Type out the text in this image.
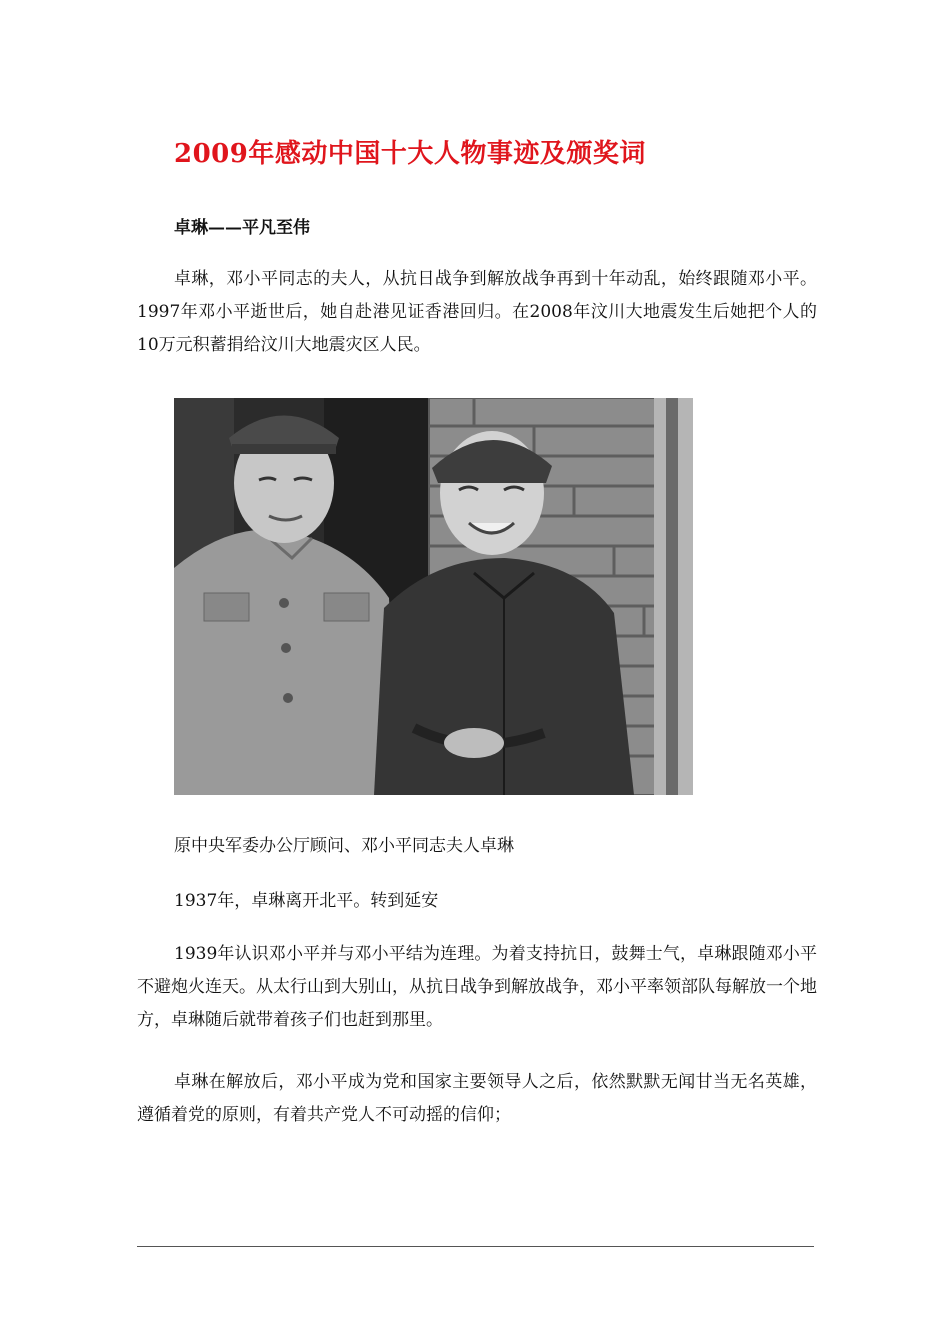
2009年感动中国十大人物事迹及颁奖词
卓琳——平凡至伟
卓琳，邓小平同志的夫人，从抗日战争到解放战争再到十年动乱，始终跟随邓小平。1997年邓小平逝世后，她自赴港见证香港回归。在2008年汶川大地震发生后她把个人的10万元积蓄捐给汶川大地震灾区人民。
原中央军委办公厅顾问、邓小平同志夫人卓琳
1937年，卓琳离开北平。转到延安
1939年认识邓小平并与邓小平结为连理。为着支持抗日，鼓舞士气，卓琳跟随邓小平不避炮火连天。从太行山到大别山，从抗日战争到解放战争，邓小平率领部队每解放一个地方，卓琳随后就带着孩子们也赶到那里。
卓琳在解放后，邓小平成为党和国家主要领导人之后，依然默默无闻甘当无名英雄，遵循着党的原则，有着共产党人不可动摇的信仰；
